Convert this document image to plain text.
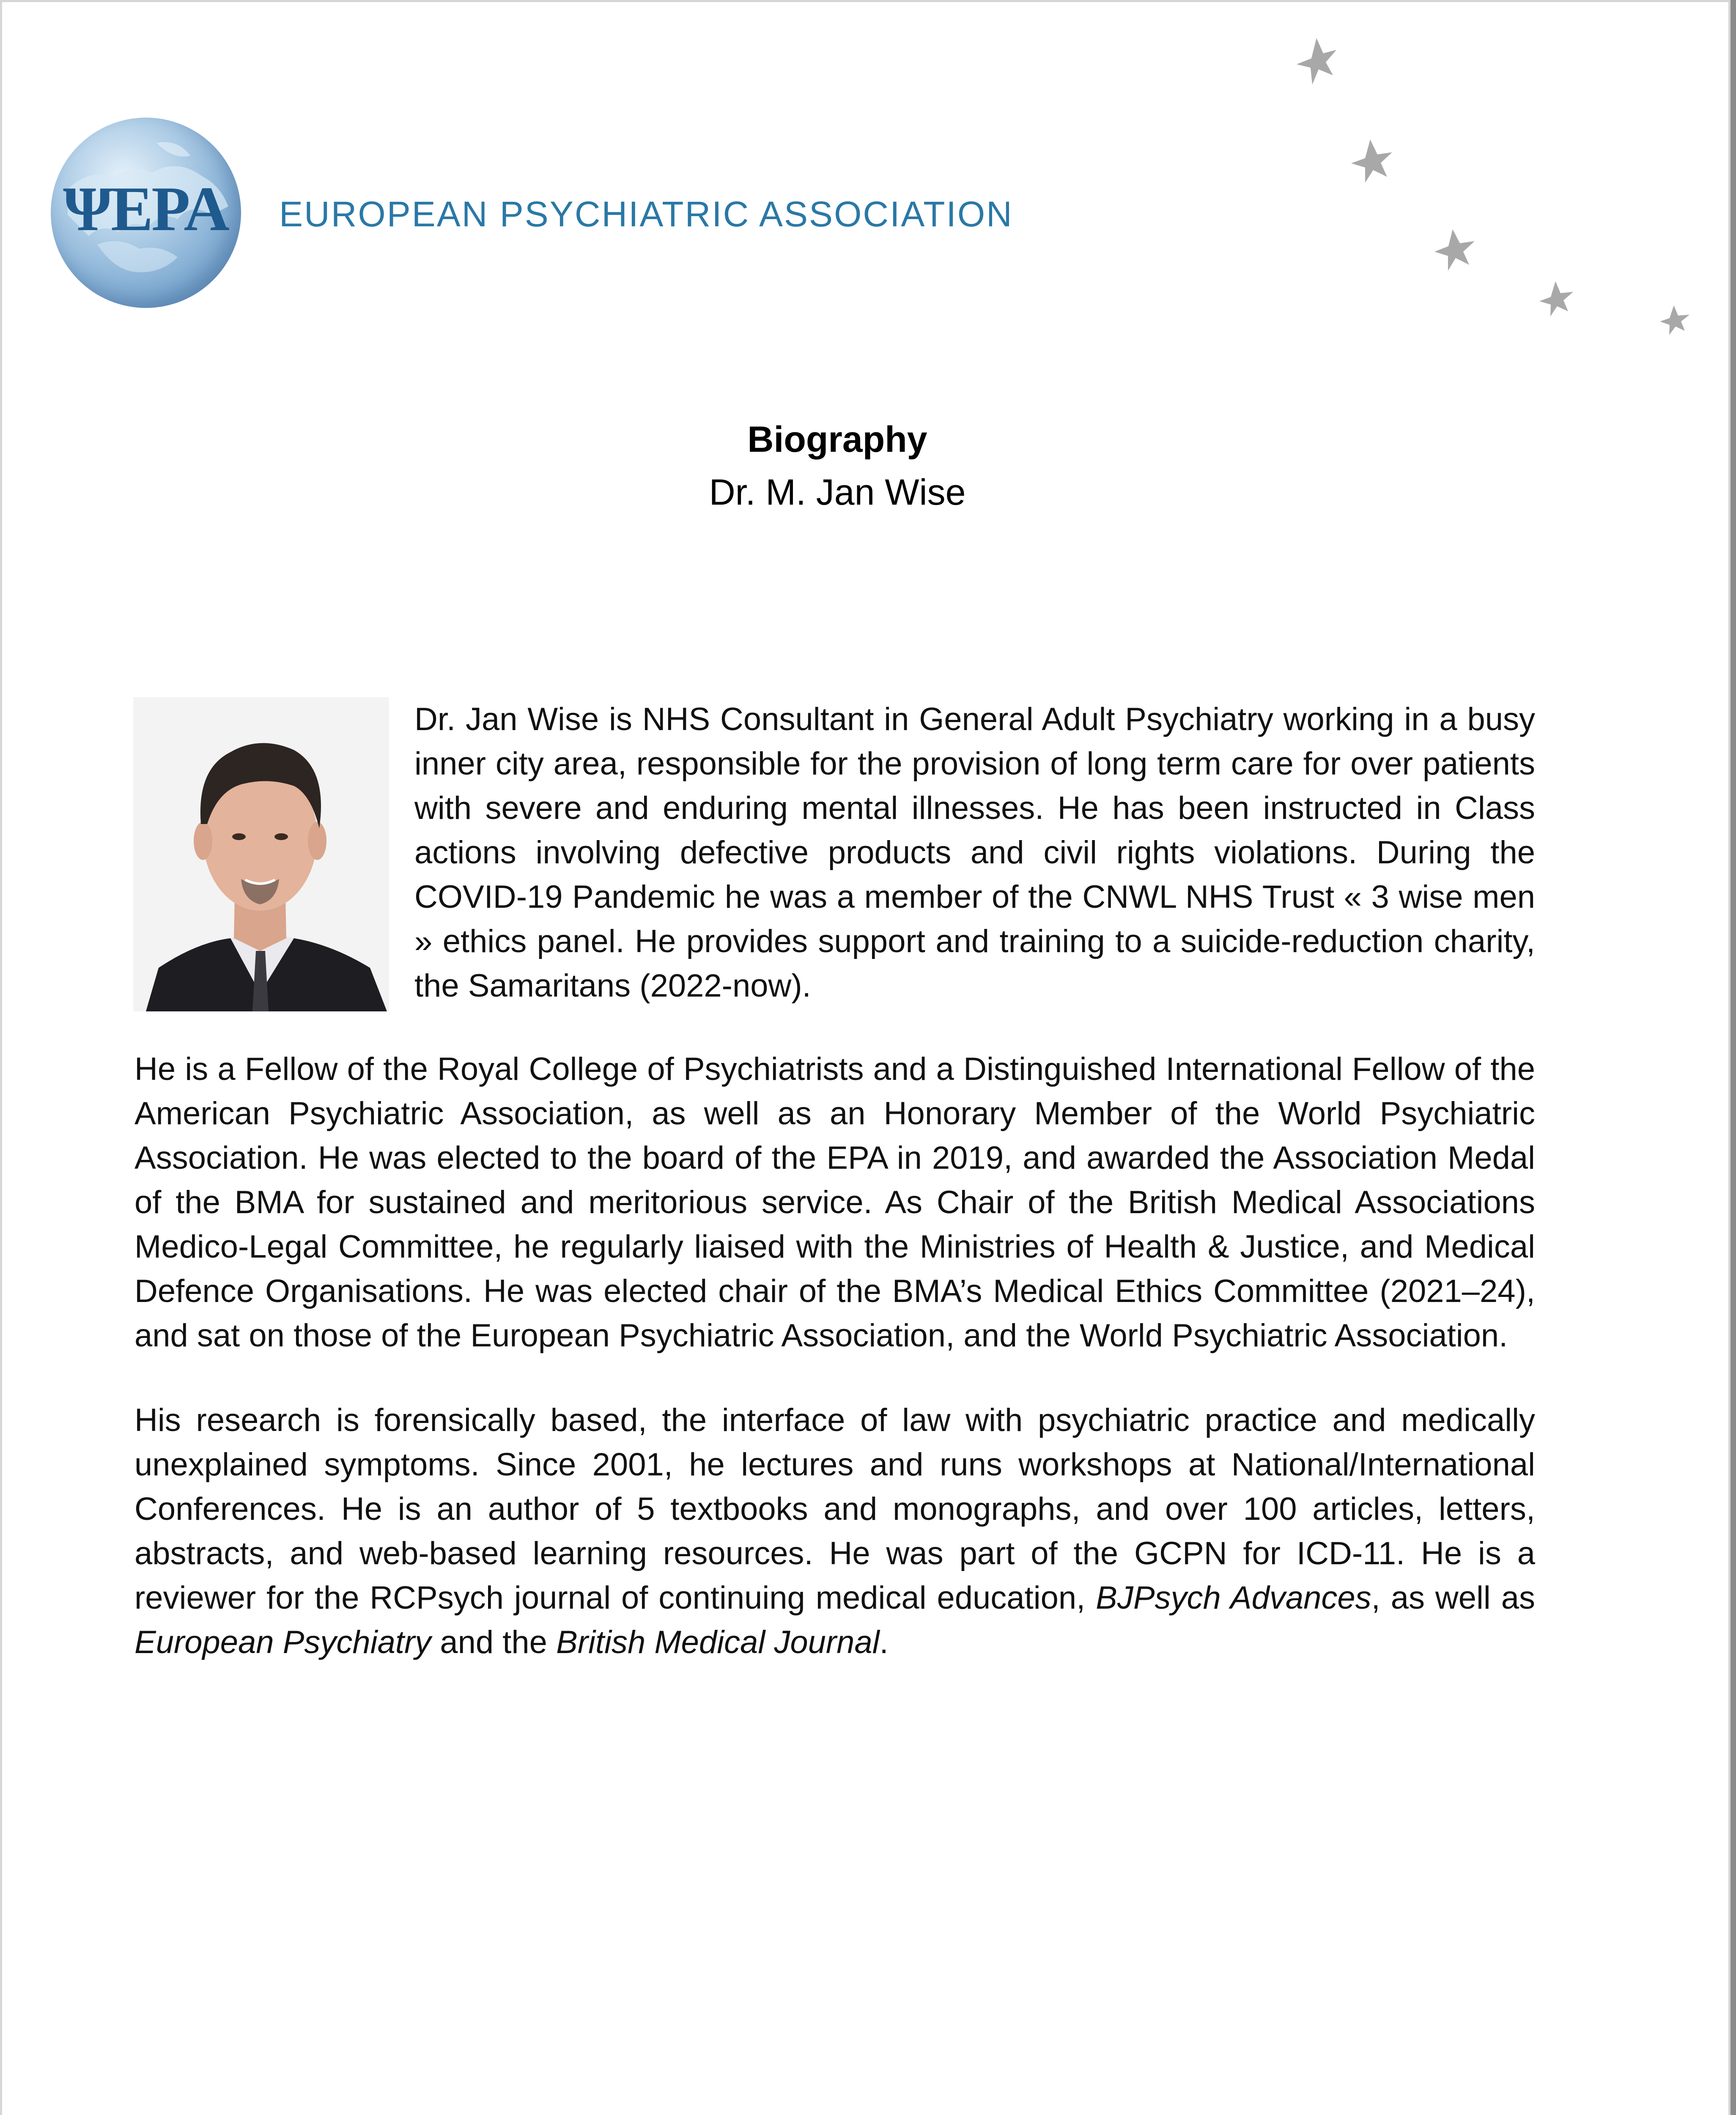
ΨEPA EUROPEAN PSYCHIATRIC ASSOCIATION
Biography
Dr. M. Jan Wise
Dr. Jan Wise is NHS Consultant in General Adult Psychiatry working in a busy inner city area, responsible for the provision of long term care for over patients with severe and enduring mental illnesses. He has been instructed in Class actions involving defective products and civil rights violations. During the COVID-19 Pandemic he was a member of the CNWL NHS Trust « 3 wise men » ethics panel. He provides support and training to a suicide-reduction charity, the Samaritans (2022-now).
He is a Fellow of the Royal College of Psychiatrists and a Distinguished International Fellow of the American Psychiatric Association, as well as an Honorary Member of the World Psychiatric Association. He was elected to the board of the EPA in 2019, and awarded the Association Medal of the BMA for sustained and meritorious service. As Chair of the British Medical Associations Medico-Legal Committee, he regularly liaised with the Ministries of Health & Justice, and Medical Defence Organisations. He was elected chair of the BMA’s Medical Ethics Committee (2021–24), and sat on those of the European Psychiatric Association, and the World Psychiatric Association.
His research is forensically based, the interface of law with psychiatric practice and medically unexplained symptoms. Since 2001, he lectures and runs workshops at National/International Conferences. He is an author of 5 textbooks and monographs, and over 100 articles, letters, abstracts, and web-based learning resources. He was part of the GCPN for ICD-11. He is a reviewer for the RCPsych journal of continuing medical education, BJPsych Advances, as well as European Psychiatry and the British Medical Journal.
